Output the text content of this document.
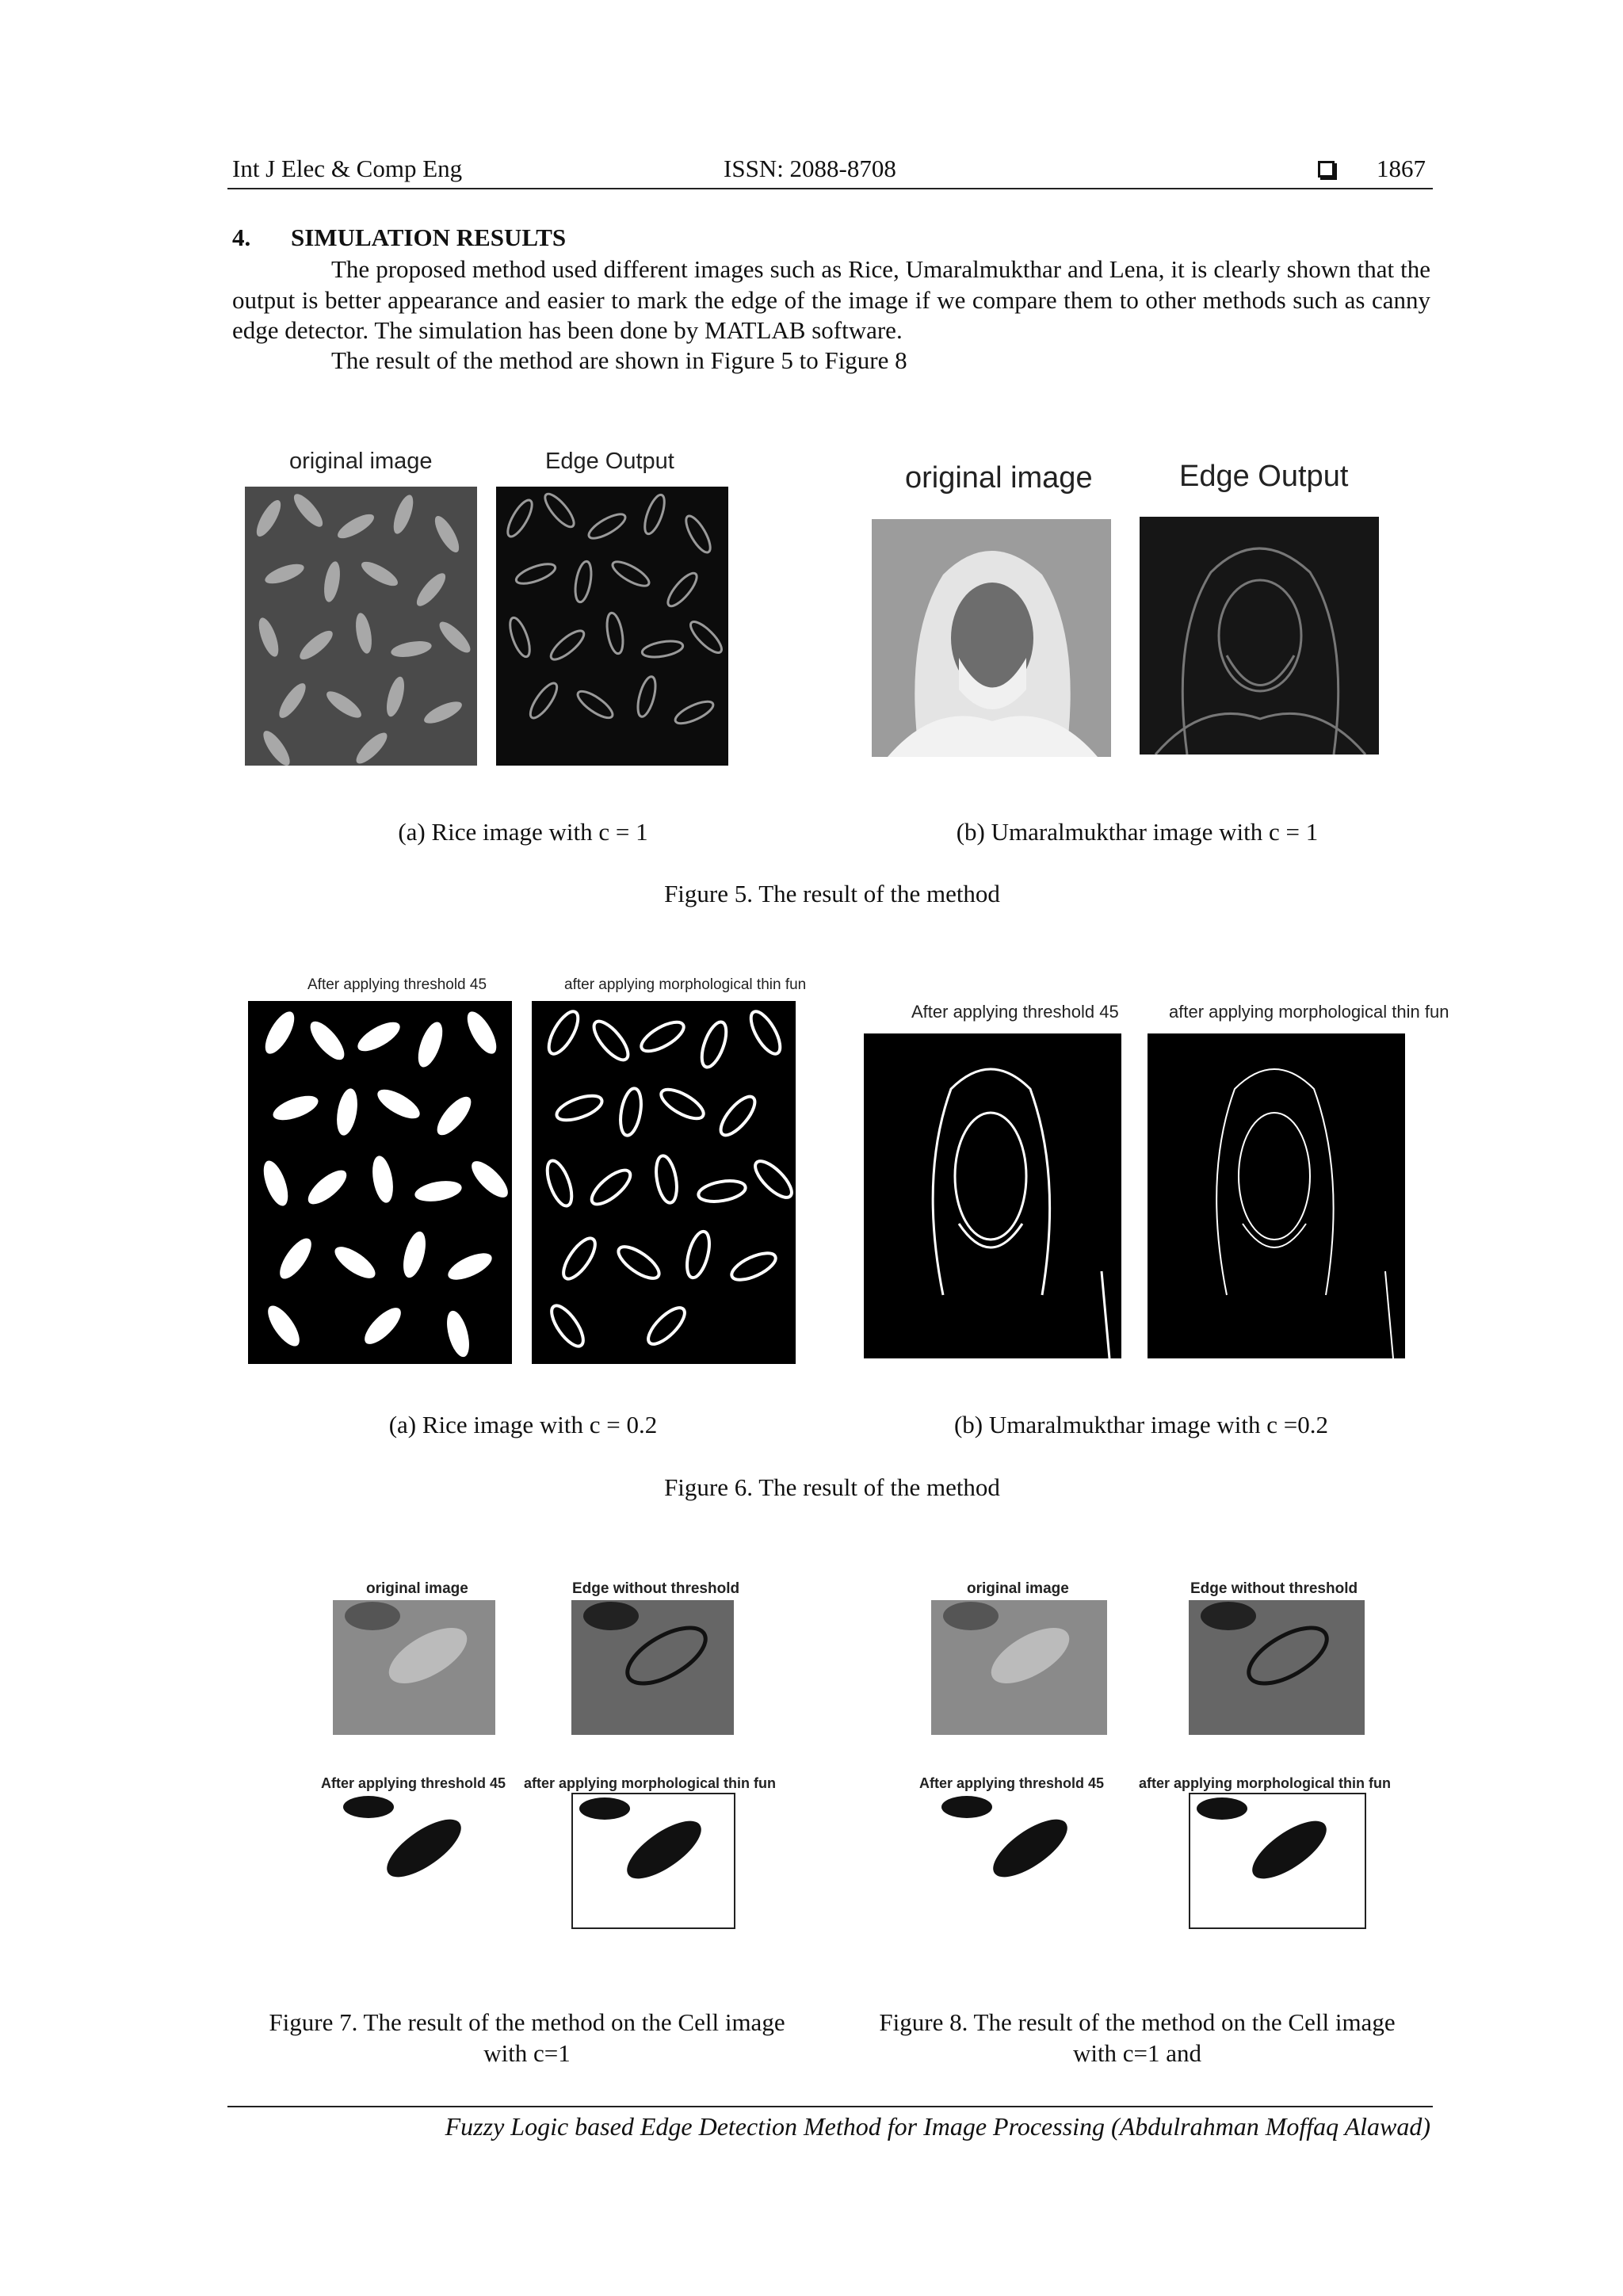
Int J Elec & Comp Eng	ISSN: 2088-8708	1867
4. SIMULATION RESULTS
The proposed method used different images such as Rice, Umaralmukthar and Lena, it is clearly shown that the output is better appearance and easier to mark the edge of the image if we compare them to other methods such as canny edge detector. The simulation has been done by MATLAB software.
The result of the method are shown in Figure 5 to Figure 8
original image	Edge Output	original image	Edge Output
(a) Rice image with c = 1	(b) Umaralmukthar image with c = 1
Figure 5. The result of the method
After applying threshold 45	after applying morphological thin fun
After applying threshold 45	after applying morphological thin fun
(a) Rice image with c = 0.2	(b) Umaralmukthar image with c =0.2
Figure 6. The result of the method
original image	Edge without threshold
After applying threshold 45 after applying morphological thin fun
Figure 7. The result of the method on the Cell image
with c=1
original image	Edge without threshold
After applying threshold 45 after applying morphological thin fun
Figure 8. The result of the method on the Cell image
with c=1 and
Fuzzy Logic based Edge Detection Method for Image Processing (Abdulrahman Moffaq Alawad)
